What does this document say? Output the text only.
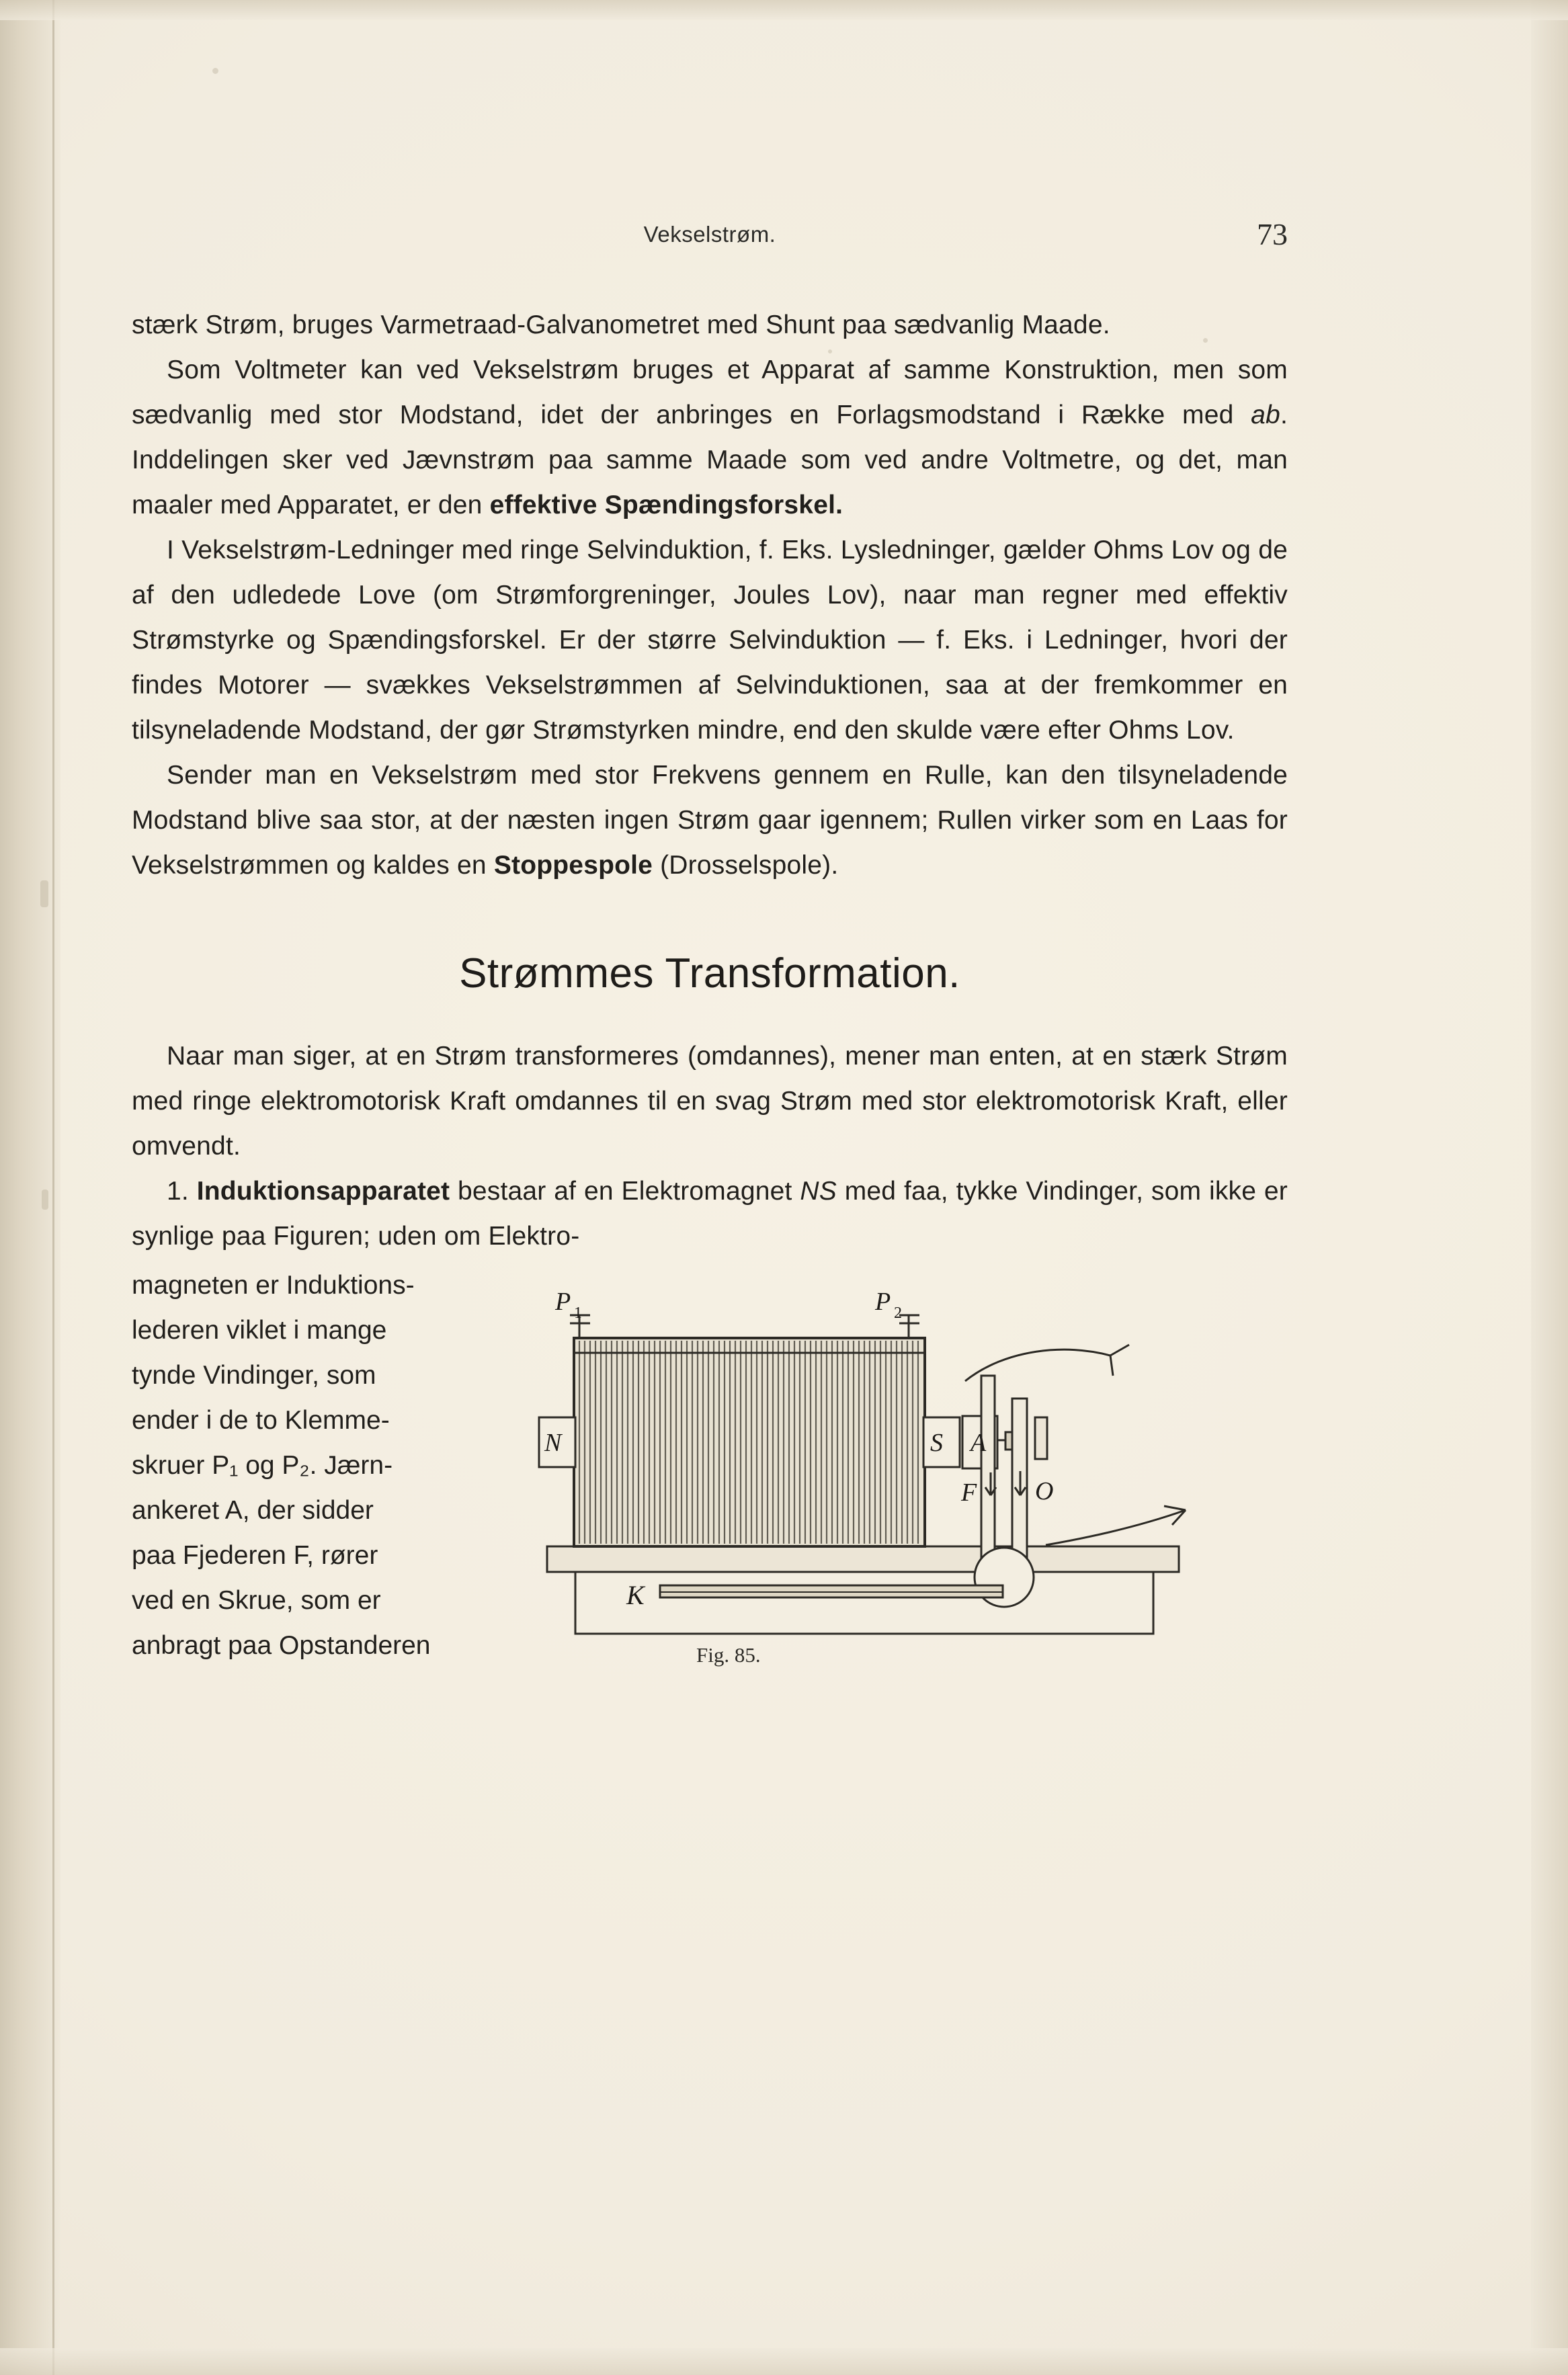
Vekselstrøm.	73

stærk Strøm, bruges Varmetraad-Galvanometret med Shunt paa sædvanlig Maade.

Som Voltmeter kan ved Vekselstrøm bruges et Apparat af samme Konstruktion, men som sædvanlig med stor Modstand, idet der anbringes en Forlagsmodstand i Række med ab. Inddelingen sker ved Jævnstrøm paa samme Maade som ved andre Voltmetre, og det, man maaler med Apparatet, er den effektive Spændingsforskel.

I Vekselstrøm-Ledninger med ringe Selvinduktion, f. Eks. Lysledninger, gælder Ohms Lov og de af den udledede Love (om Strømforgreninger, Joules Lov), naar man regner med effektiv Strømstyrke og Spændingsforskel. Er der større Selvinduktion — f. Eks. i Ledninger, hvori der findes Motorer — svækkes Vekselstrømmen af Selvinduktionen, saa at der fremkommer en tilsyneladende Modstand, der gør Strømstyrken mindre, end den skulde være efter Ohms Lov.

Sender man en Vekselstrøm med stor Frekvens gennem en Rulle, kan den tilsyneladende Modstand blive saa stor, at der næsten ingen Strøm gaar igennem; Rullen virker som en Laas for Vekselstrømmen og kaldes en Stoppespole (Drosselspole).

Strømmes Transformation.

Naar man siger, at en Strøm transformeres (omdannes), mener man enten, at en stærk Strøm med ringe elektromotorisk Kraft omdannes til en svag Strøm med stor elektromotorisk Kraft, eller omvendt.

1. Induktionsapparatet bestaar af en Elektromagnet NS med faa, tykke Vindinger, som ikke er synlige paa Figuren; uden om Elektro-

magneten er Induktions-
lederen viklet i mange
tynde Vindinger, som
ender i de to Klemme-
skruer P₁ og P₂. Jærn-
ankeret A, der sidder
paa Fjederen F, rører
ved en Skrue, som er
anbragt paa Opstanderen
P 1	P 2
N	S A
F O
K
Fig. 85.
